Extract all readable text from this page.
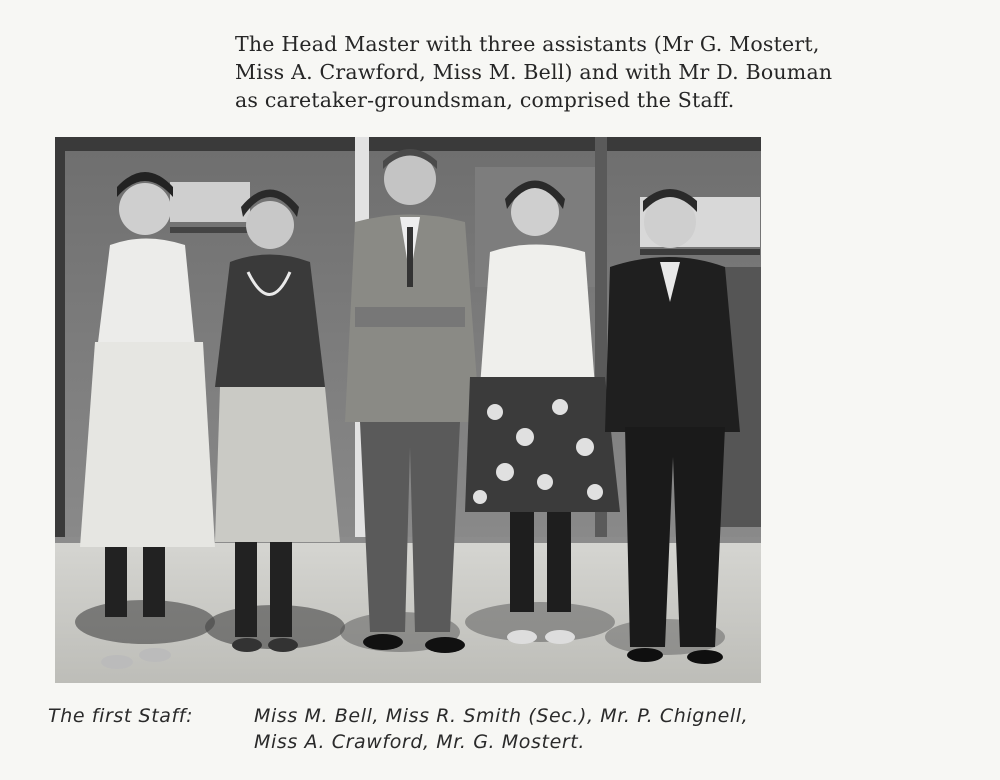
The Head Master with three assistants (Mr G. Mostert,
Miss A. Crawford, Miss M. Bell) and with Mr D. Bouman
as caretaker-groundsman, comprised the Staff.
The first Staff:	Miss M. Bell, Miss R. Smith (Sec.), Mr. P. Chignell,
Miss A. Crawford, Mr. G. Mostert.
